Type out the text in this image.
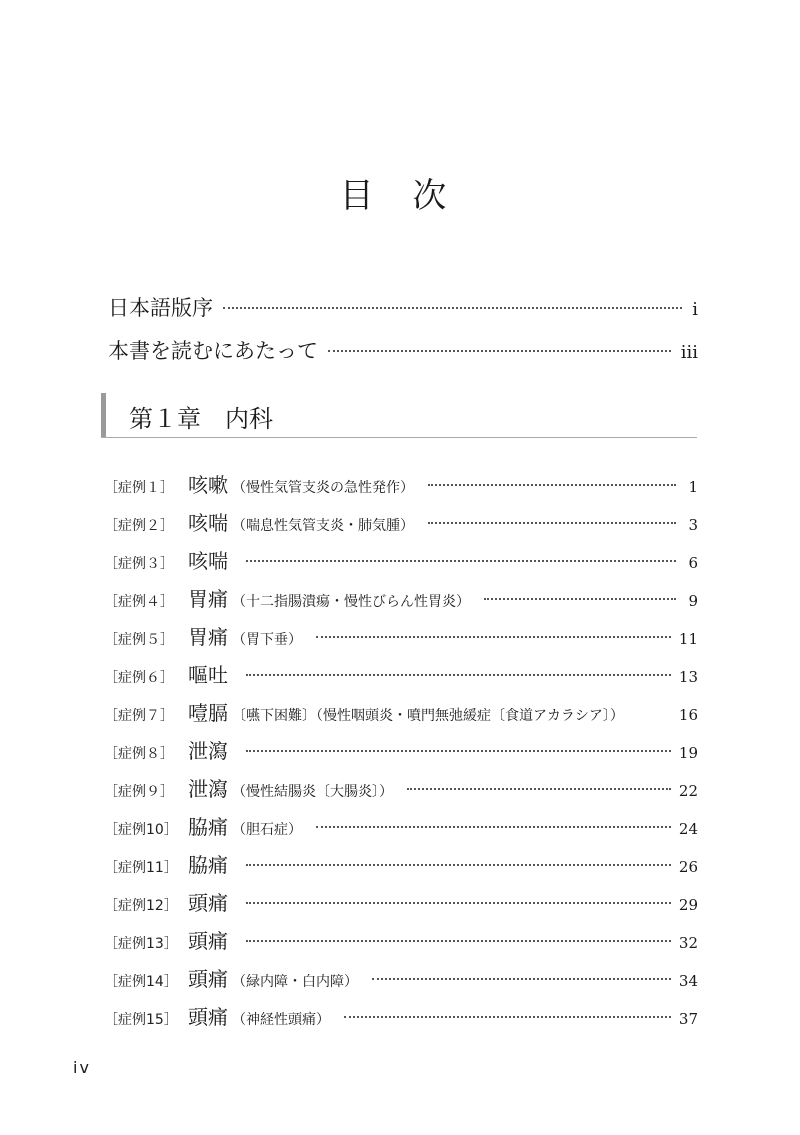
目 次
日本語版序	i
本書を読むにあたって	iii
第１章　内科
［症例１］ 咳嗽 （慢性気管支炎の急性発作）	1
［症例２］ 咳喘 （喘息性気管支炎・肺気腫）	3
［症例３］ 咳喘	6
［症例４］ 胃痛 （十二指腸潰瘍・慢性びらん性胃炎）	9
［症例５］ 胃痛 （胃下垂）	11
［症例６］ 嘔吐	13
［症例７］ 噎膈 〔嚥下困難〕（慢性咽頭炎・噴門無弛緩症〔食道アカラシア〕）	16
［症例８］ 泄瀉	19
［症例９］ 泄瀉 （慢性結腸炎〔大腸炎〕）	22
［症例10］ 脇痛 （胆石症）	24
［症例11］ 脇痛	26
［症例12］ 頭痛	29
［症例13］ 頭痛	32
［症例14］ 頭痛 （緑内障・白内障）	34
［症例15］ 頭痛 （神経性頭痛）	37
iv
